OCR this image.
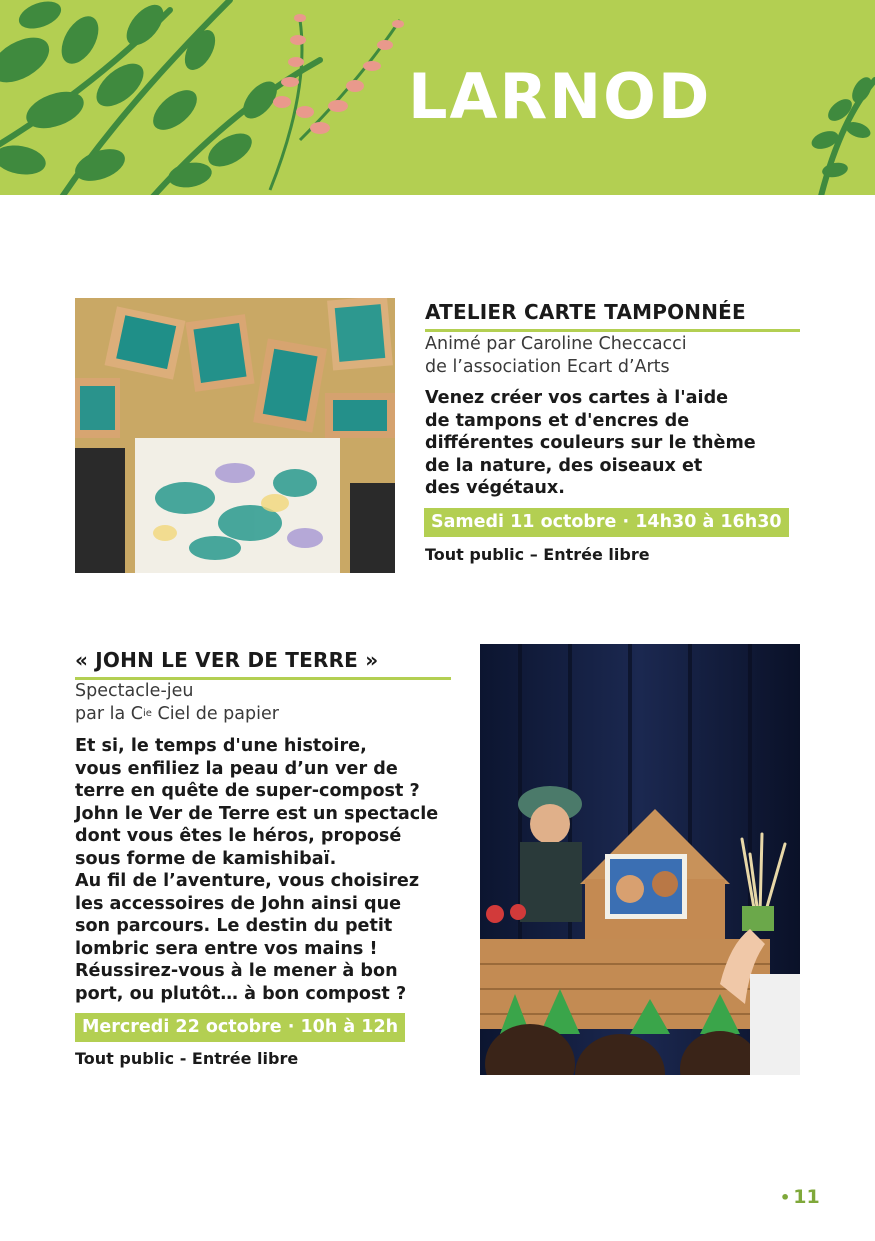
LARNOD
ATELIER CARTE TAMPONNÉE

Animé par Caroline Checcacci
de l’association Ecart d’Arts

Venez créer vos cartes à l'aide
de tampons et d'encres de
différentes couleurs sur le thème
de la nature, des oiseaux et
des végétaux.

Samedi 11 octobre · 14h30 à 16h30

Tout public – Entrée libre

« JOHN LE VER DE TERRE »

Spectacle-jeu
par la $C^{ie}$ Ciel de papier

Et si, le temps d'une histoire,
vous enfiliez la peau d’un ver de
terre en quête de super-compost ?
John le Ver de Terre est un spectacle
dont vous êtes le héros, proposé
sous forme de kamishibaï.
Au fil de l’aventure, vous choisirez
les accessoires de John ainsi que
son parcours. Le destin du petit
lombric sera entre vos mains !
Réussirez-vous à le mener à bon
port, ou plutôt… à bon compost ?

Mercredi 22 octobre · 10h à 12h

Tout public - Entrée libre

• 11
